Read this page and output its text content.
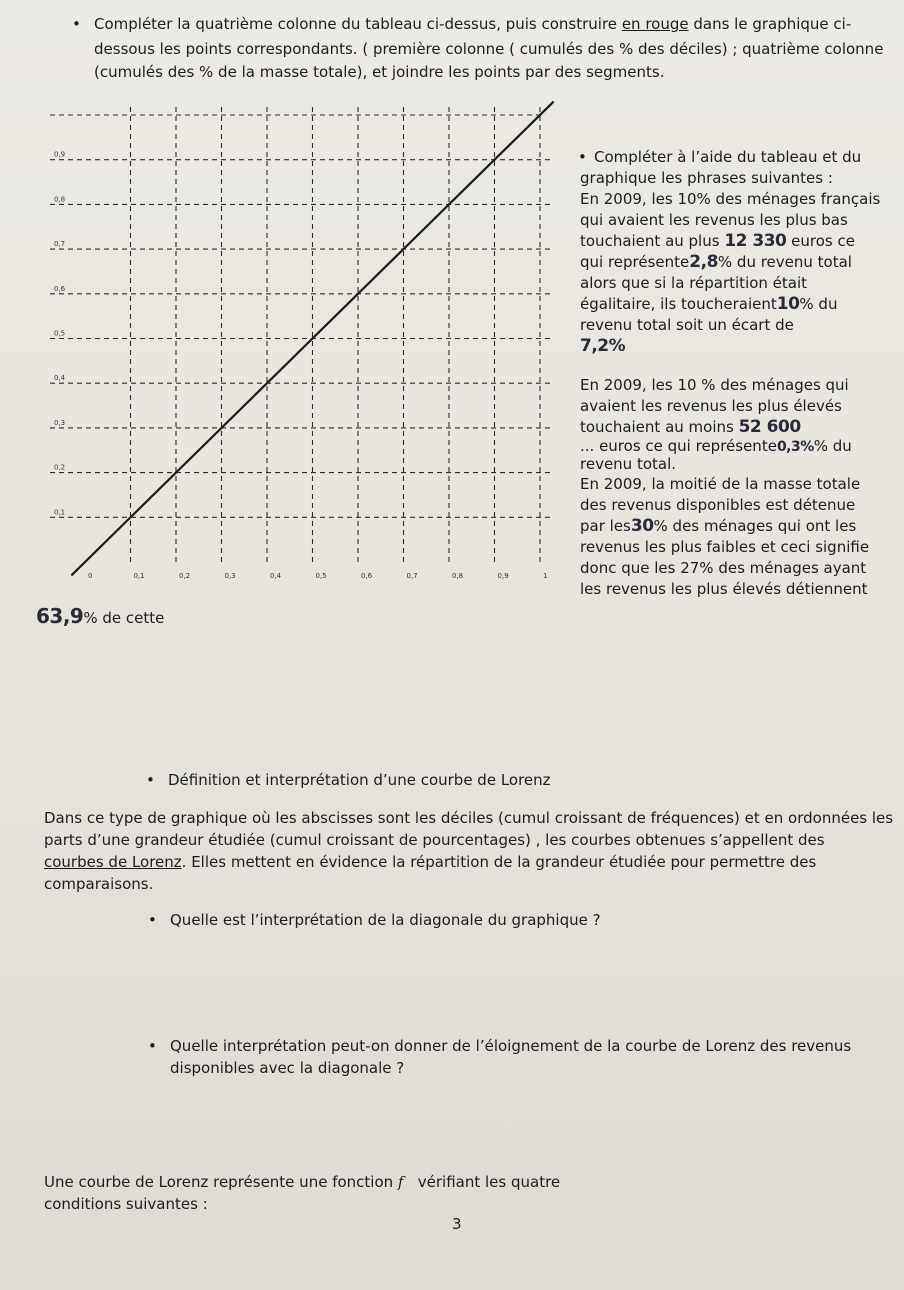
• Compléter la quatrième colonne du tableau ci-dessus, puis construire en rouge dans le graphique ci-
dessous les points correspondants. ( première colonne ( cumulés des % des déciles) ; quatrième colonne
(cumulés des % de la masse totale), et joindre les points par des segments.
0,1
0,2
0,3
0,4
0,5
0,6
0,7
0,8
0,9
0	0,1	0,2	0,3	0,4	0,5	0,6	0,7	0,8	0,9	1
• Compléter à l’aide du tableau et du
graphique les phrases suivantes :
En 2009, les 10% des ménages français
qui avaient les revenus les plus bas
touchaient au plus 12 330 euros ce
qui représente2,8% du revenu total
alors que si la répartition était
égalitaire, ils toucheraient10% du
revenu total soit un écart de
7,2%
En 2009, les 10 % des ménages qui
avaient les revenus les plus élevés
touchaient au moins 52 600
... euros ce qui représente0,3%% du
revenu total.
En 2009, la moitié de la masse totale
des revenus disponibles est détenue
par les30% des ménages qui ont les
revenus les plus faibles et ceci signifie
donc que les 27% des ménages ayant
les revenus les plus élevés détiennent
63,9% de cette
• Définition et interprétation d’une courbe de Lorenz
Dans ce type de graphique où les abscisses sont les déciles (cumul croissant de fréquences) et en ordonnées les
parts d’une grandeur étudiée (cumul croissant de pourcentages) , les courbes obtenues s’appellent des
courbes de Lorenz. Elles mettent en évidence la répartition de la grandeur étudiée pour permettre des
comparaisons.
• Quelle est l’interprétation de la diagonale du graphique ?
• Quelle interprétation peut-on donner de l’éloignement de la courbe de Lorenz des revenus
disponibles avec la diagonale ?
Une courbe de Lorenz représente une fonction f   vérifiant les quatre
conditions suivantes :
3
